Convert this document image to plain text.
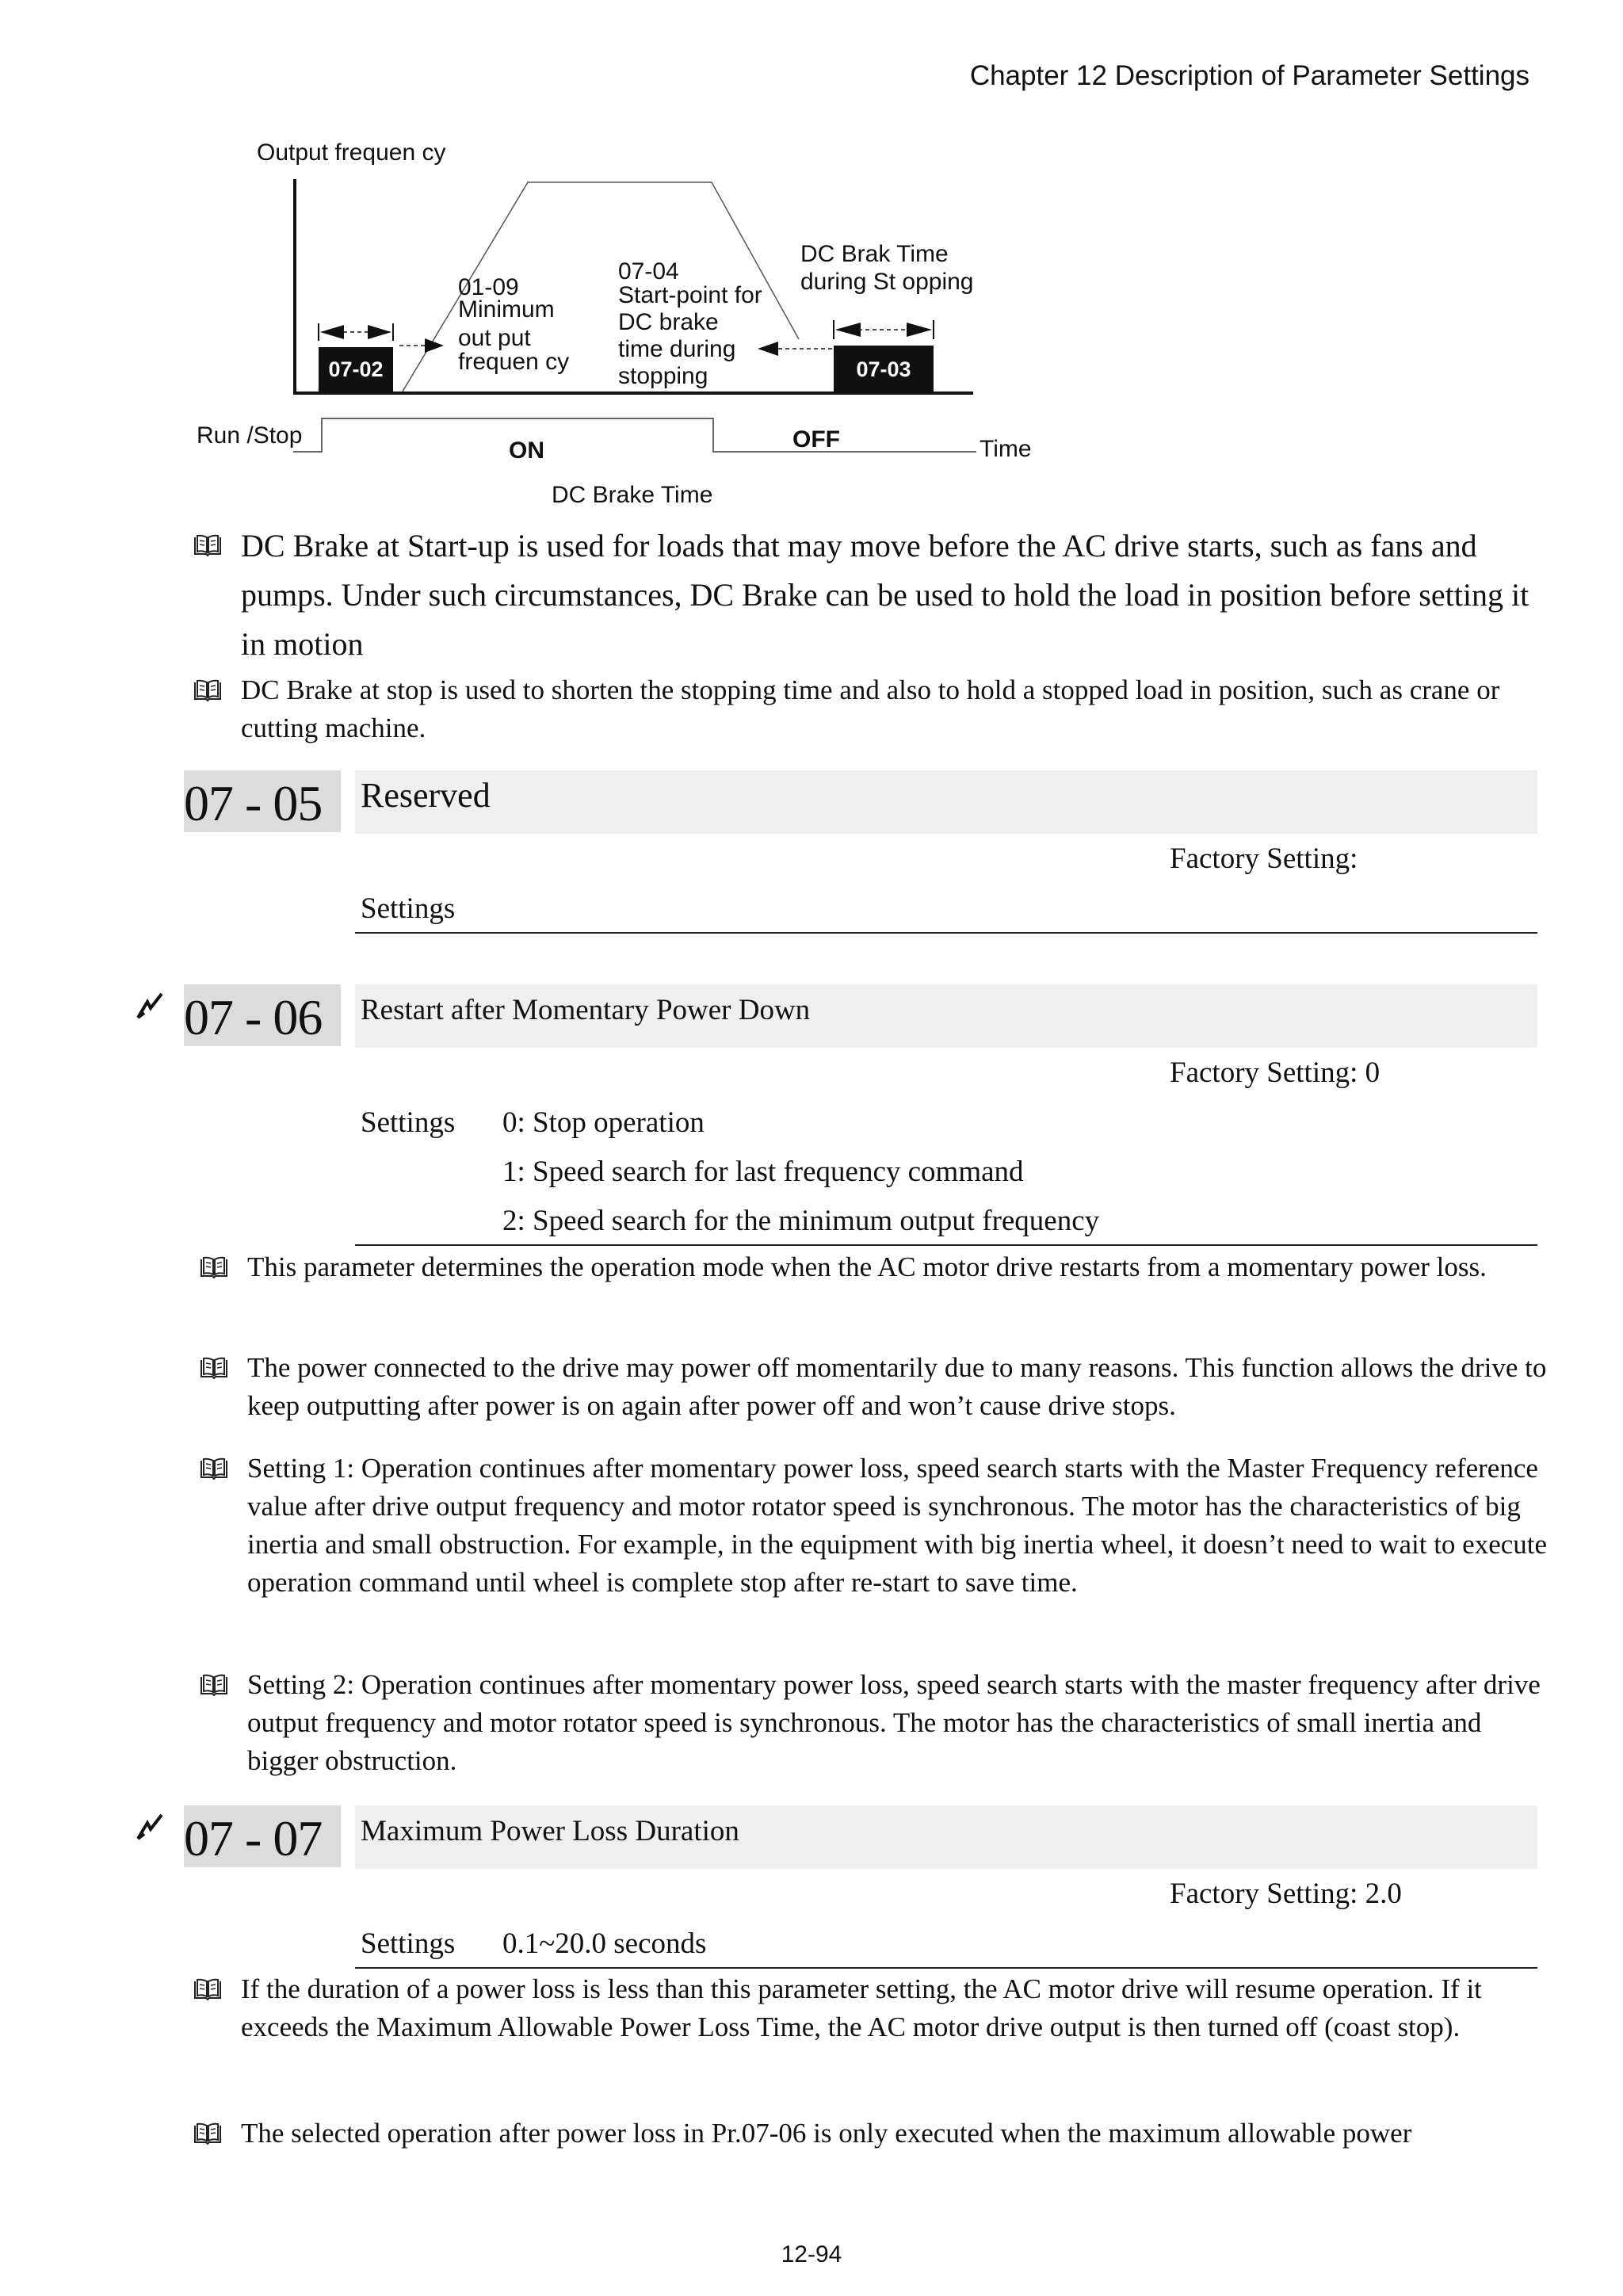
Chapter 12 Description of Parameter Settings
Output frequen cy
07-02	07-03
01-09
Minimum
out put
frequen cy
07-04
Start-point for
DC brake
time during
stopping
DC Brak Time
during St opping
Run /Stop
ON	OFF	Time
DC Brake Time
DC Brake at Start-up is used for loads that may move before the AC drive starts, such as fans and pumps. Under such circumstances, DC Brake can be used to hold the load in position before setting it in motion
DC Brake at stop is used to shorten the stopping time and also to hold a stopped load in position, such as crane or cutting machine.
07 - 05	Reserved
Factory Setting:
Settings
07 - 06	Restart after Momentary Power Down
Factory Setting: 0
Settings 0: Stop operation
1: Speed search for last frequency command
2: Speed search for the minimum output frequency
This parameter determines the operation mode when the AC motor drive restarts from a momentary power loss.
The power connected to the drive may power off momentarily due to many reasons. This function allows the drive to keep outputting after power is on again after power off and won’t cause drive stops.
Setting 1: Operation continues after momentary power loss, speed search starts with the Master Frequency reference value after drive output frequency and motor rotator speed is synchronous. The motor has the characteristics of big inertia and small obstruction. For example, in the equipment with big inertia wheel, it doesn’t need to wait to execute operation command until wheel is complete stop after re-start to save time.
Setting 2: Operation continues after momentary power loss, speed search starts with the master frequency after drive output frequency and motor rotator speed is synchronous. The motor has the characteristics of small inertia and bigger obstruction.
07 - 07	Maximum Power Loss Duration
Factory Setting: 2.0
Settings 0.1~20.0 seconds
If the duration of a power loss is less than this parameter setting, the AC motor drive will resume operation. If it exceeds the Maximum Allowable Power Loss Time, the AC motor drive output is then turned off (coast stop).
The selected operation after power loss in Pr.07-06 is only executed when the maximum allowable power
12-94
